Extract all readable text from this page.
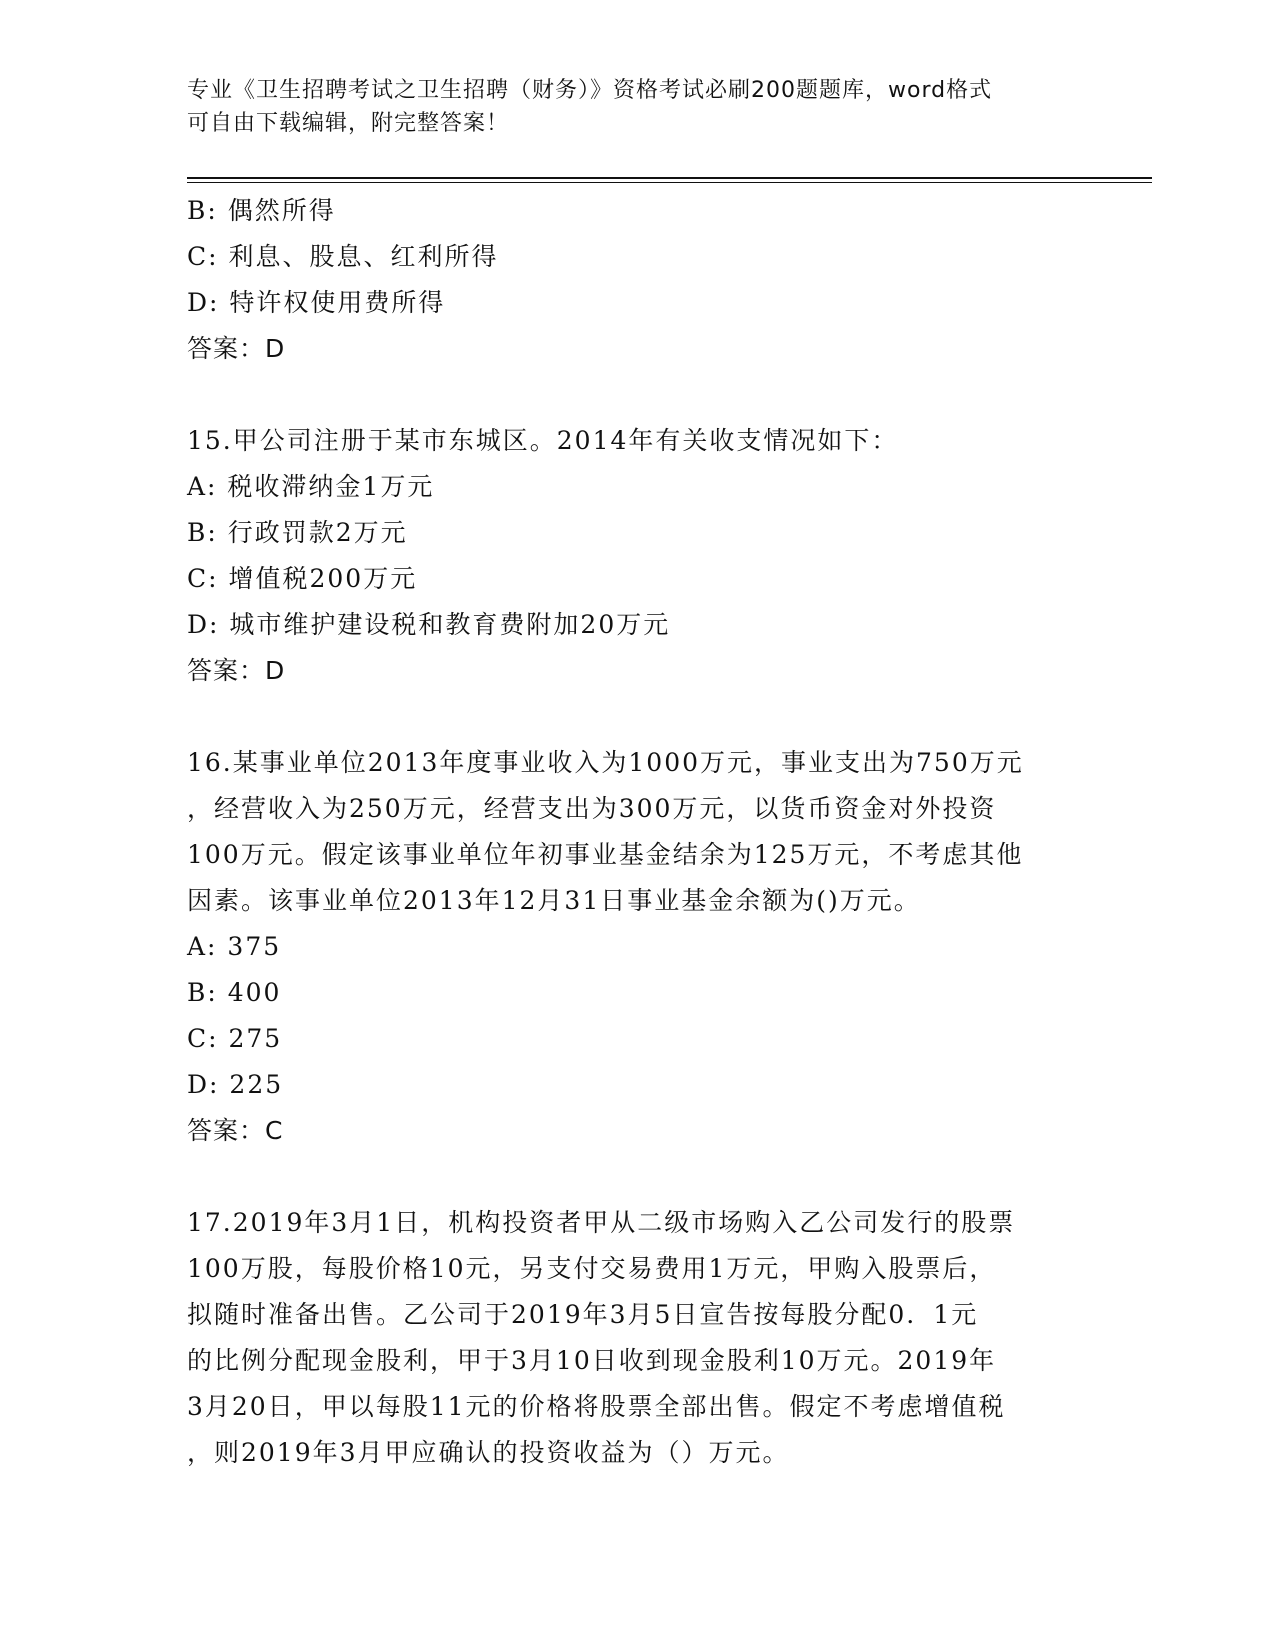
专业《卫生招聘考试之卫生招聘（财务）》资格考试必刷200题题库，word格式
可自由下载编辑，附完整答案！
B: 偶然所得
C: 利息、股息、红利所得
D: 特许权使用费所得
答案：D
15.甲公司注册于某市东城区。2014年有关收支情况如下：
A: 税收滞纳金1万元
B: 行政罚款2万元
C: 增值税200万元
D: 城市维护建设税和教育费附加20万元
答案：D
16.某事业单位2013年度事业收入为1000万元，事业支出为750万元
，经营收入为250万元，经营支出为300万元，以货币资金对外投资
100万元。假定该事业单位年初事业基金结余为125万元，不考虑其他
因素。该事业单位2013年12月31日事业基金余额为()万元。
A: 375
B: 400
C: 275
D: 225
答案：C
17.2019年3月1日，机构投资者甲从二级市场购入乙公司发行的股票
100万股，每股价格10元，另支付交易费用1万元，甲购入股票后，
拟随时准备出售。乙公司于2019年3月5日宣告按每股分配0．1元
的比例分配现金股利，甲于3月10日收到现金股利10万元。2019年
3月20日，甲以每股11元的价格将股票全部出售。假定不考虑增值税
，则2019年3月甲应确认的投资收益为（）万元。
